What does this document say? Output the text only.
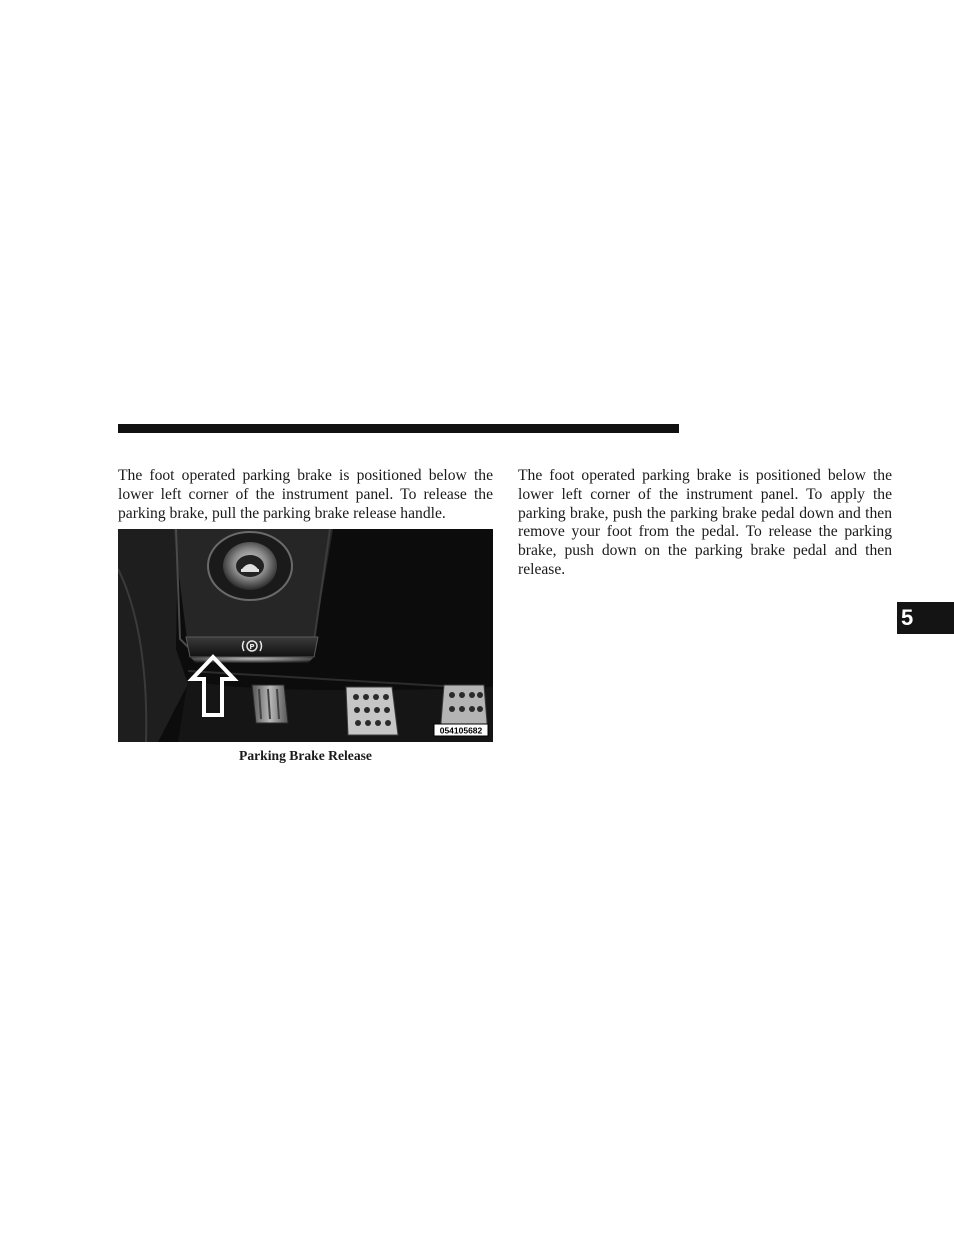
The foot operated parking brake is positioned below the lower left corner of the instrument panel. To release the parking brake, pull the parking brake release handle.

P
054105682
Parking Brake Release

The foot operated parking brake is positioned below the lower left corner of the instrument panel. To apply the parking brake, push the parking brake pedal down and then remove your foot from the pedal. To release the parking brake, push down on the parking brake pedal and then release.

5
